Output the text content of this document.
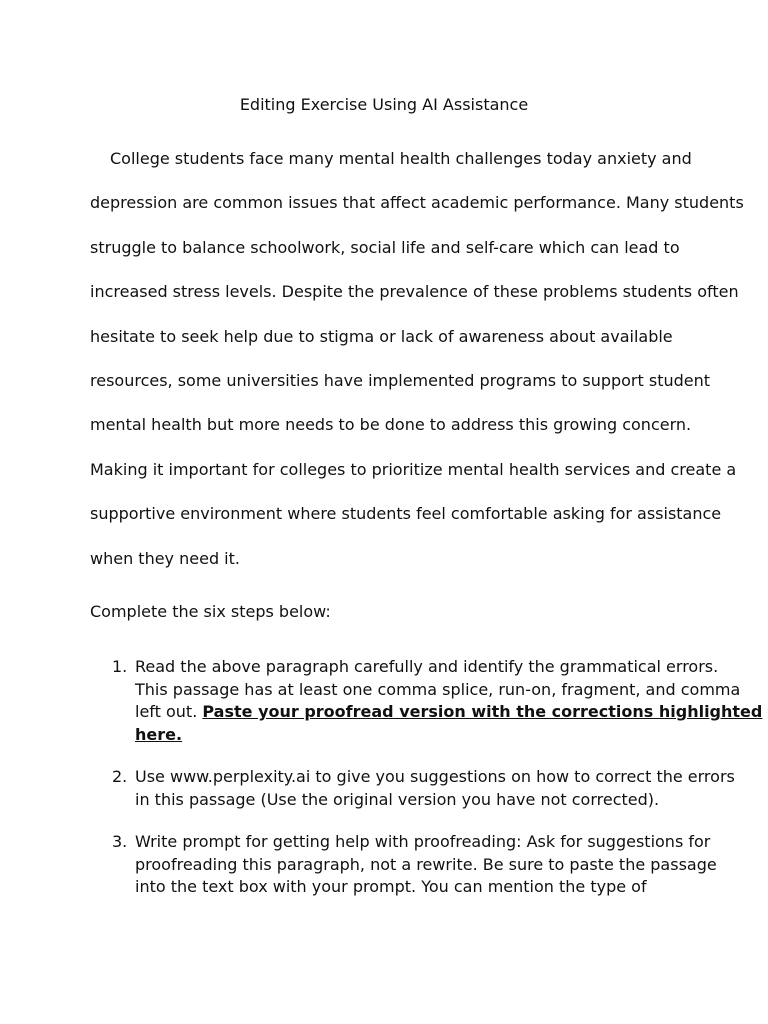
Editing Exercise Using AI Assistance
College students face many mental health challenges today anxiety and
depression are common issues that affect academic performance. Many students
struggle to balance schoolwork, social life and self-care which can lead to
increased stress levels. Despite the prevalence of these problems students often
hesitate to seek help due to stigma or lack of awareness about available
resources, some universities have implemented programs to support student
mental health but more needs to be done to address this growing concern.
Making it important for colleges to prioritize mental health services and create a
supportive environment where students feel comfortable asking for assistance
when they need it.
Complete the six steps below:
1. Read the above paragraph carefully and identify the grammatical errors.
This passage has at least one comma splice, run-on, fragment, and comma
left out. Paste your proofread version with the corrections highlighted
here.
2. Use www.perplexity.ai to give you suggestions on how to correct the errors
in this passage (Use the original version you have not corrected).
3. Write prompt for getting help with proofreading: Ask for suggestions for
proofreading this paragraph, not a rewrite. Be sure to paste the passage
into the text box with your prompt. You can mention the type of
